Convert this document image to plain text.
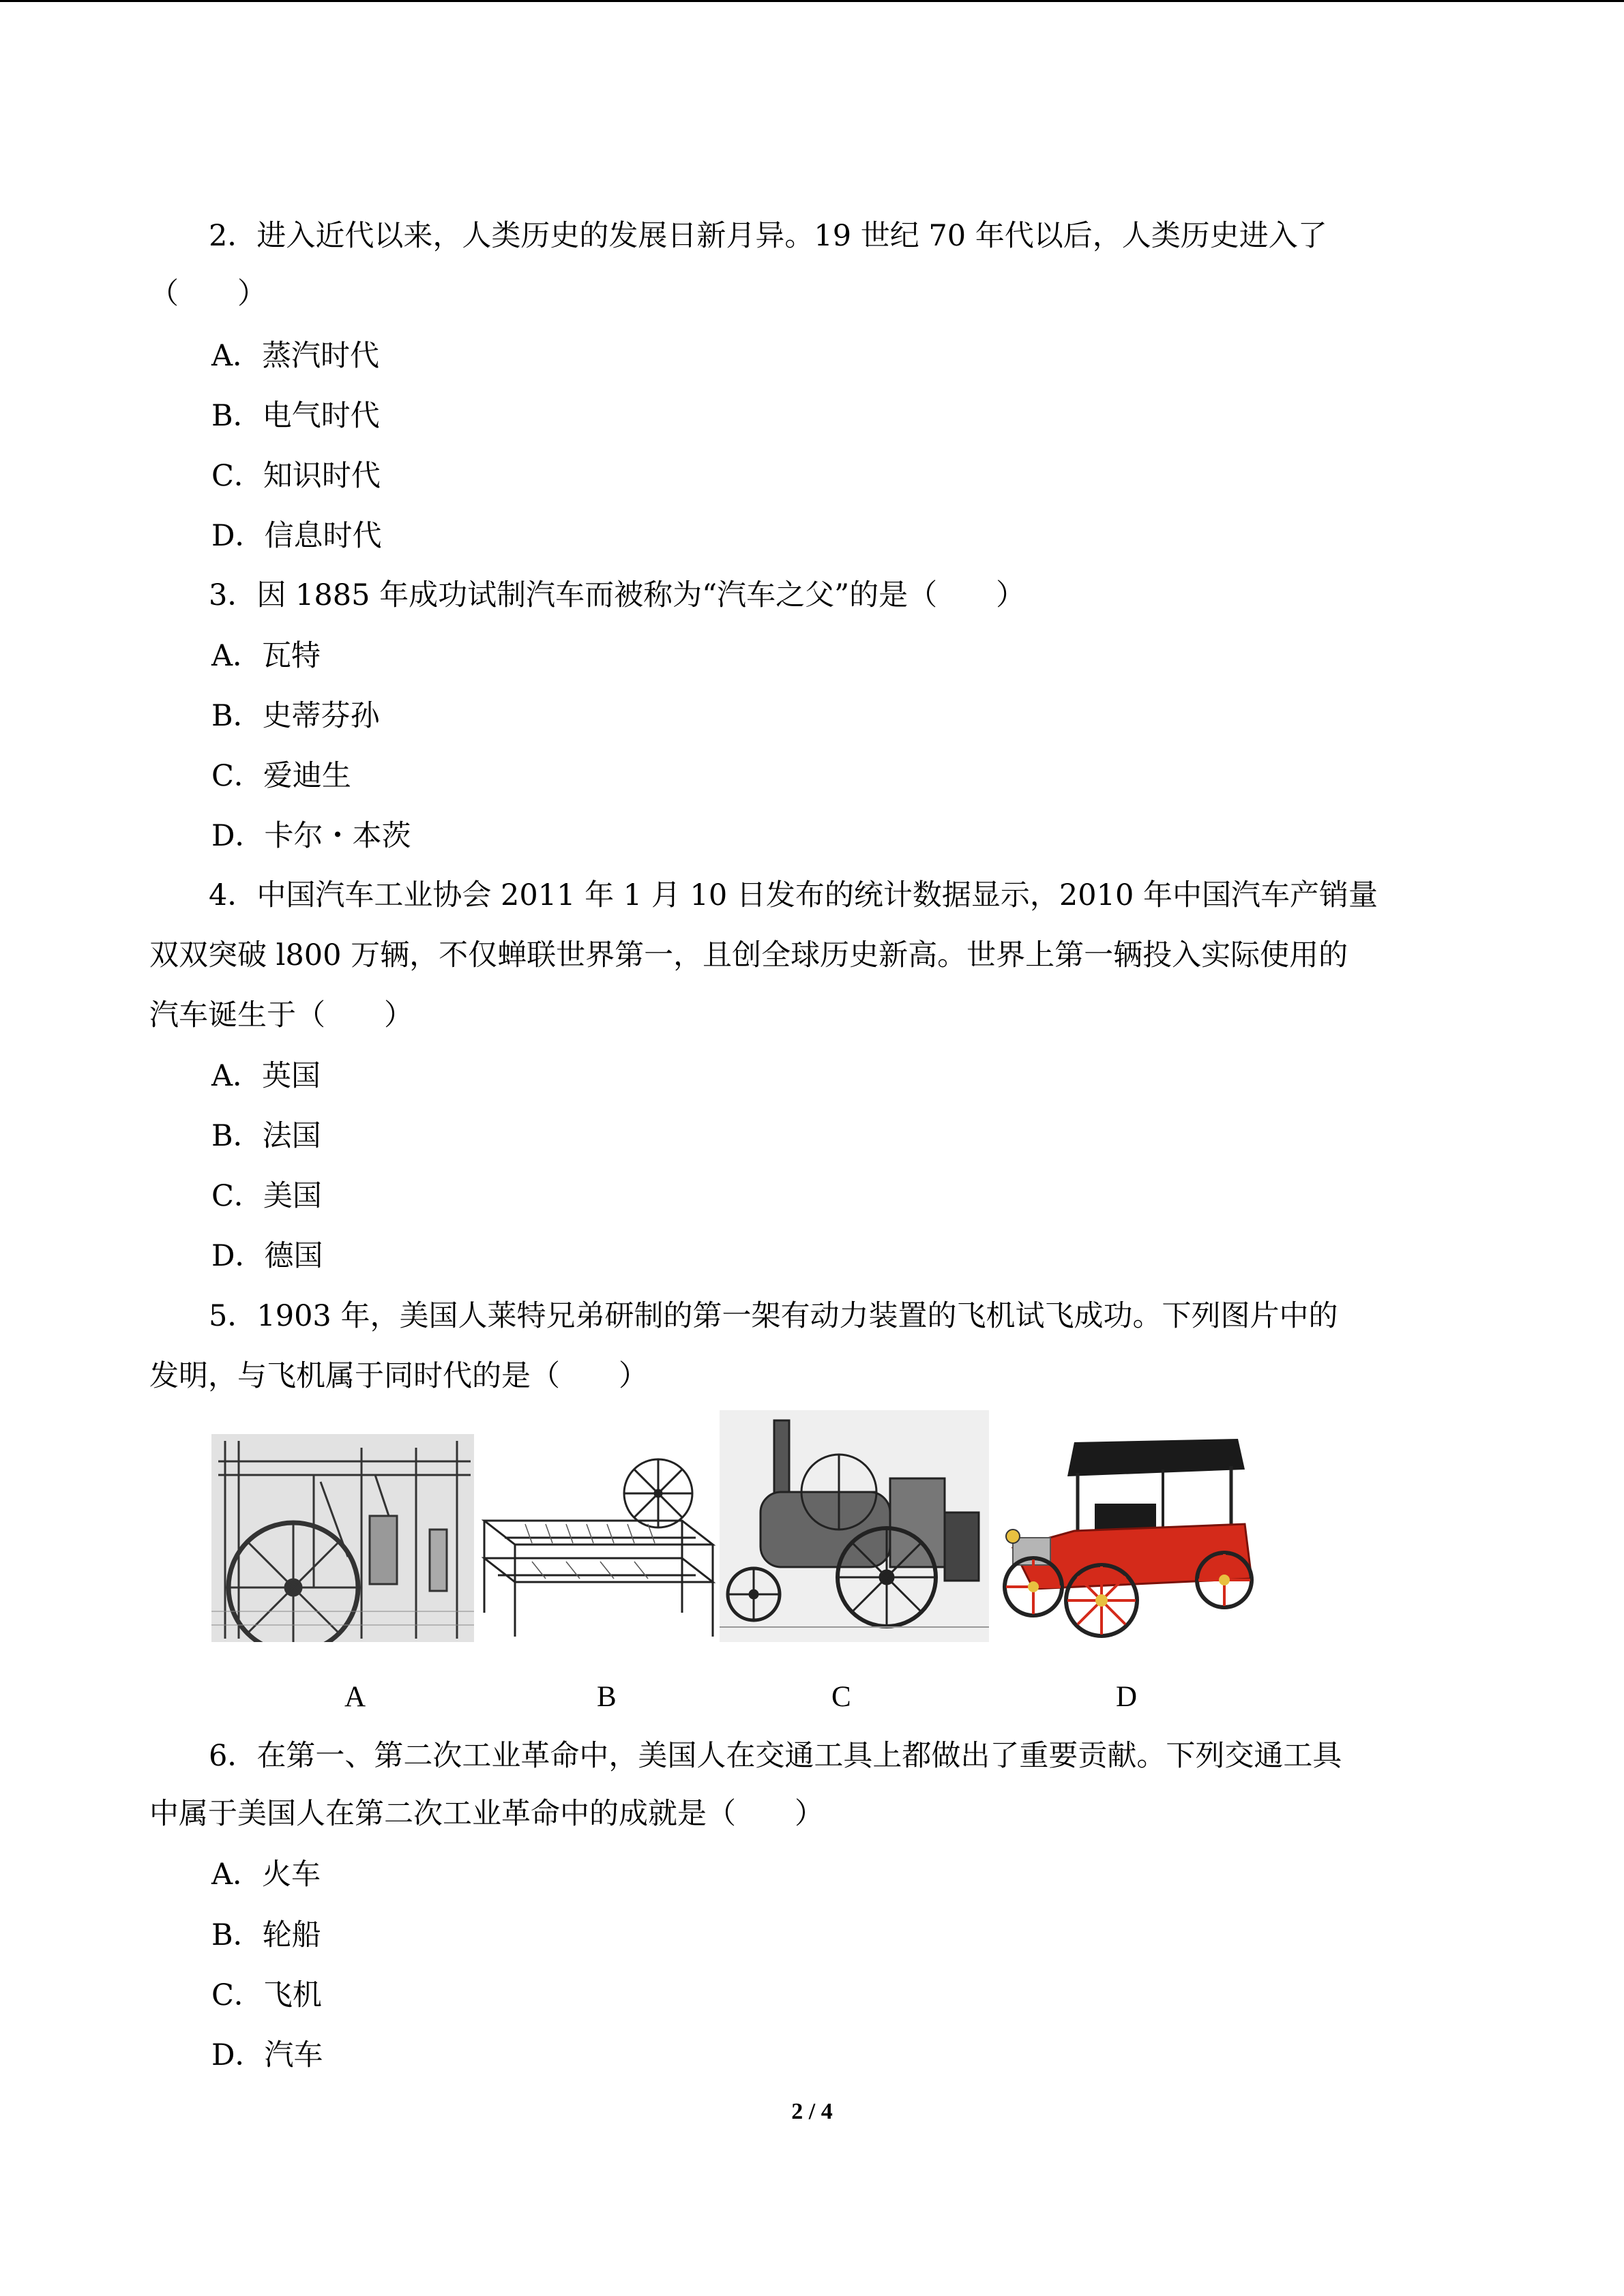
2．进入近代以来，人类历史的发展日新月异。19 世纪 70 年代以后，人类历史进入了
（　　）
A．蒸汽时代
B．电气时代
C．知识时代
D．信息时代
3．因 1885 年成功试制汽车而被称为“汽车之父”的是（　　）
A．瓦特
B．史蒂芬孙
C．爱迪生
D．卡尔・本茨
4．中国汽车工业协会 2011 年 1 月 10 日发布的统计数据显示，2010 年中国汽车产销量
双双突破 l800 万辆，不仅蝉联世界第一，且创全球历史新高。世界上第一辆投入实际使用的
汽车诞生于（　　）
A．英国
B．法国
C．美国
D．德国
5．1903 年，美国人莱特兄弟研制的第一架有动力装置的飞机试飞成功。下列图片中的
发明，与飞机属于同时代的是（　　）
A	B	C	D
6．在第一、第二次工业革命中，美国人在交通工具上都做出了重要贡献。下列交通工具
中属于美国人在第二次工业革命中的成就是（　　）
A．火车
B．轮船
C．飞机
D．汽车
2 / 4
